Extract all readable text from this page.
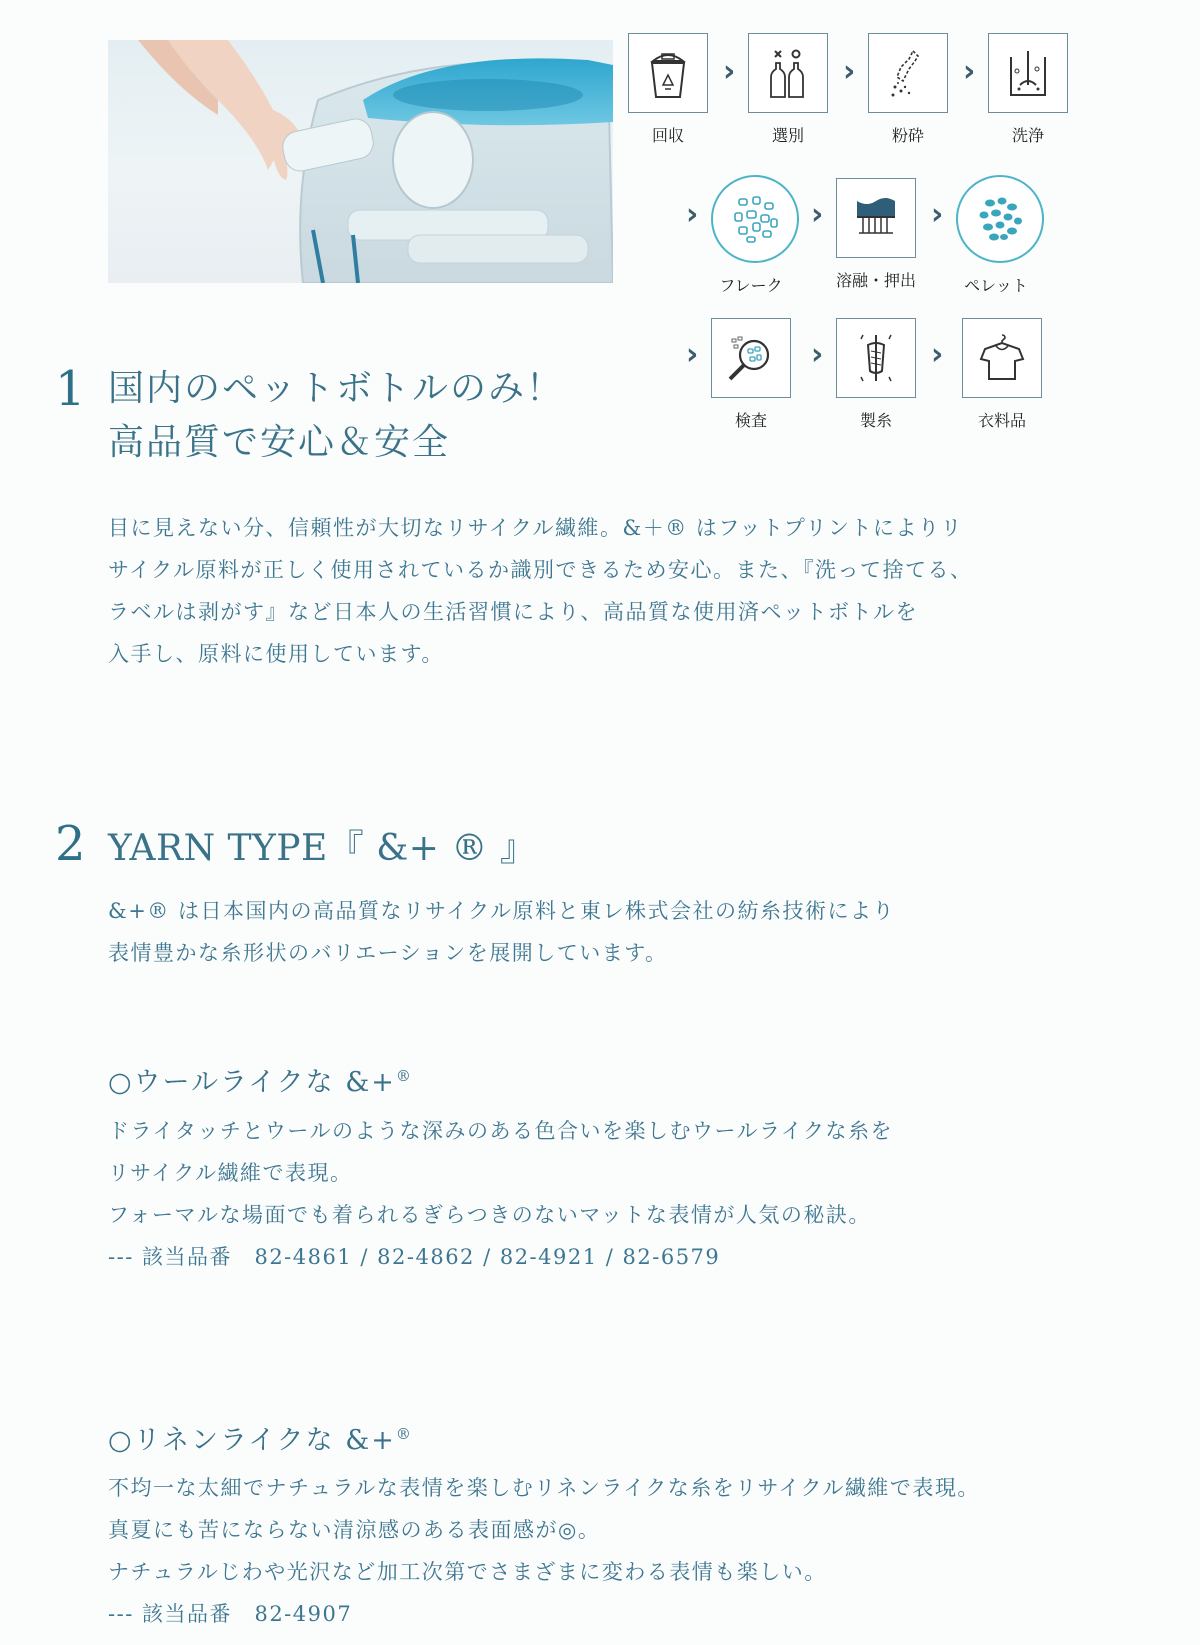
回収
›
選別
›
粉砕
›
洗浄
›
フレーク
›
溶融・押出
›
ペレット
›
検査
›
製糸
›
衣料品
1 国内のペットボトルのみ！
高品質で安心＆安全

目に見えない分、信頼性が大切なリサイクル繊維。&＋® はフットプリントによりリ

サイクル原料が正しく使用されているか識別できるため安心。また、『洗って捨てる、

ラベルは剥がす』など日本人の生活習慣により、高品質な使用済ペットボトルを

入手し、原料に使用しています。

2 YARN TYPE『 &+ ® 』

&+® は日本国内の高品質なリサイクル原料と東レ株式会社の紡糸技術により

表情豊かな糸形状のバリエーションを展開しています。

○ウールライクな &+®

ドライタッチとウールのような深みのある色合いを楽しむウールライクな糸を

リサイクル繊維で表現。

フォーマルな場面でも着られるぎらつきのないマットな表情が人気の秘訣。

--- 該当品番　82-4861 / 82-4862 / 82-4921 / 82-6579

○リネンライクな &+®

不均一な太細でナチュラルな表情を楽しむリネンライクな糸をリサイクル繊維で表現。

真夏にも苦にならない清涼感のある表面感が◎。

ナチュラルじわや光沢など加工次第でさまざまに変わる表情も楽しい。

--- 該当品番　82-4907
